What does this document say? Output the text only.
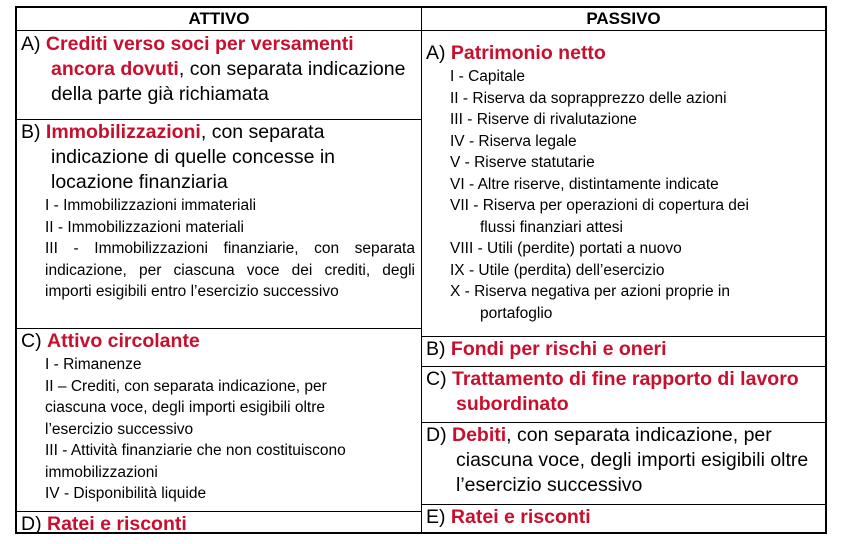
ATTIVO
A) Crediti verso soci per versamenti ancora dovuti, con separata indicazione della parte già richiamata
B) Immobilizzazioni, con separata indicazione di quelle concesse in locazione finanziaria
I - Immobilizzazioni immateriali
II - Immobilizzazioni materiali
III - Immobilizzazioni finanziarie, con separata indicazione, per ciascuna voce dei crediti, degli importi esigibili entro l’esercizio successivo
C) Attivo circolante
I - Rimanenze
II – Crediti, con separata indicazione, per ciascuna voce, degli importi esigibili oltre l’esercizio successivo
III - Attività finanziarie che non costituiscono immobilizzazioni
IV - Disponibilità liquide
D) Ratei e risconti
PASSIVO
A) Patrimonio netto
I - Capitale
II - Riserva da soprapprezzo delle azioni
III - Riserve di rivalutazione
IV - Riserva legale
V - Riserve statutarie
VI - Altre riserve, distintamente indicate
VII - Riserva per operazioni di copertura dei
flussi finanziari attesi
VIII - Utili (perdite) portati a nuovo
IX - Utile (perdita) dell’esercizio
X - Riserva negativa per azioni proprie in
portafoglio
B) Fondi per rischi e oneri
C) Trattamento di fine rapporto di lavoro subordinato
D) Debiti, con separata indicazione, per ciascuna voce, degli importi esigibili oltre l’esercizio successivo
E) Ratei e risconti
